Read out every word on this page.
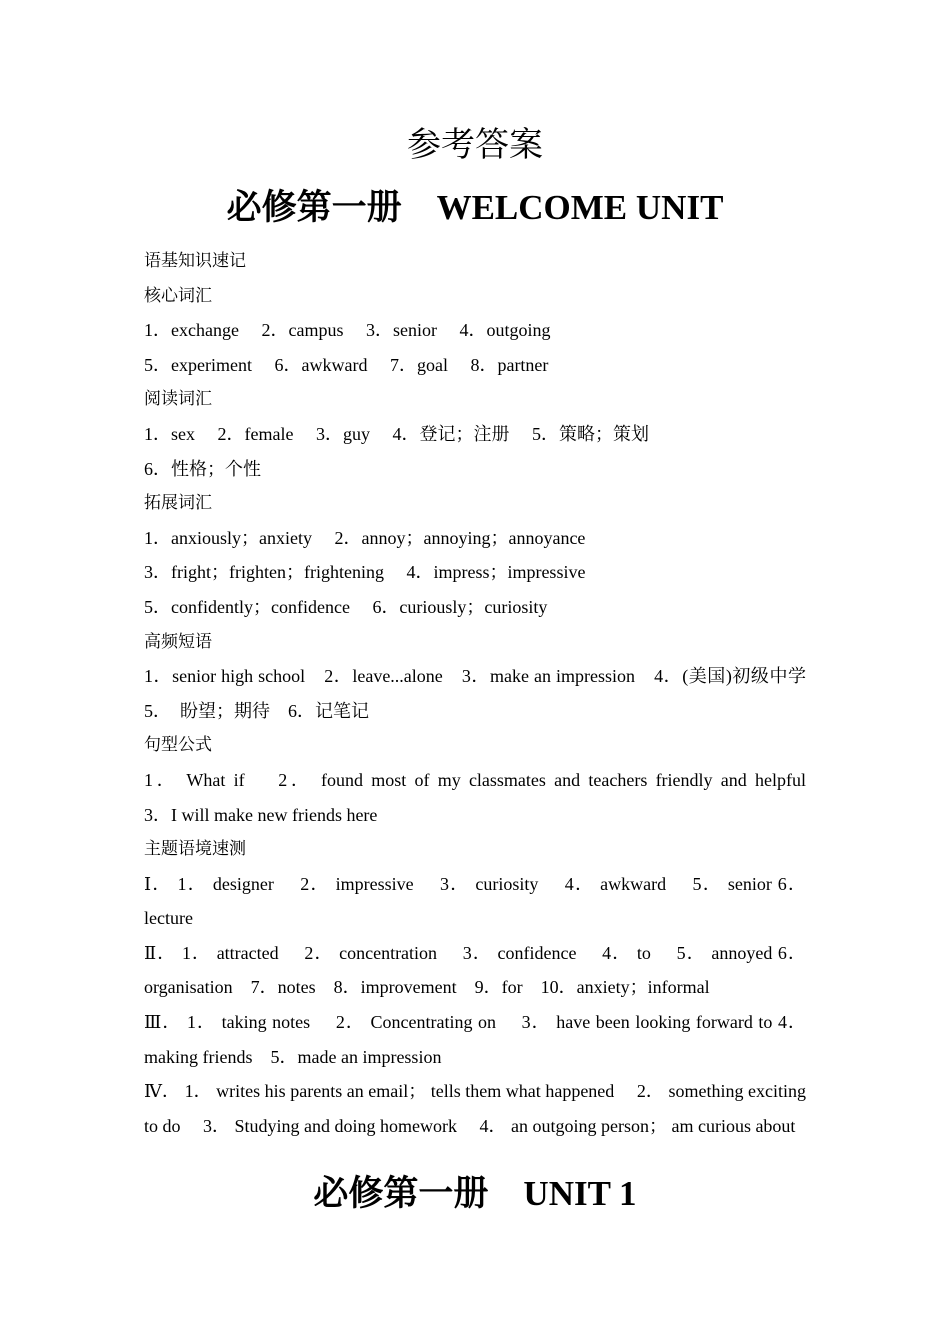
参考答案
必修第一册　WELCOME UNIT
语基知识速记
核心词汇
1．exchange 2．campus 3．senior 4．outgoing
5．experiment 6．awkward 7．goal 8．partner
阅读词汇
1．sex 2．female 3．guy 4．登记；注册 5．策略；策划
6．性格；个性
拓展词汇
1．anxiously；anxiety 2．annoy；annoying；annoyance
3．fright；frighten；frightening 4．impress；impressive
5．confidently；confidence 6．curiously；curiosity
高频短语
1．senior high school　2．leave...alone　3．make an impression　4．(美国)初级中学　5．　盼望；期待　6．记笔记
句型公式
1． What if　 2． found most of my classmates and teachers friendly and helpful
3．I will make new friends here
主题语境速测
Ⅰ． 1． designer　 2． impressive　 3． curiosity　 4． awkward　 5． senior 6．lecture
Ⅱ． 1． attracted　 2． concentration　 3． confidence　 4． to　 5． annoyed 6．organisation　7．notes　8．improvement　9．for　10．anxiety；informal
Ⅲ． 1． taking notes　 2． Concentrating on　 3． have been looking forward to 4．making friends　5．made an impression
Ⅳ． 1． writes his parents an email； tells them what happened　 2． something exciting to do　 3． Studying and doing homework　 4． an outgoing person； am curious about
必修第一册　UNIT 1
